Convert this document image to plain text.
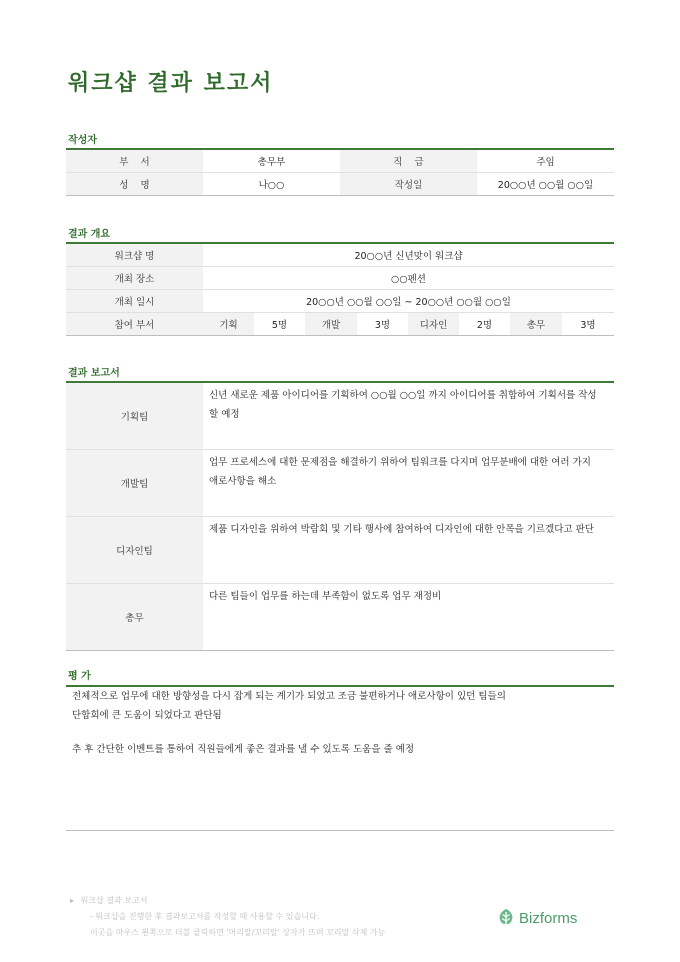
워크샵 결과 보고서
작성자
부    서	총무부	직    급	주임
성    명	나○○	작성일	20○○년 ○○월 ○○일
결과 개요
워크샵 명	20○○년 신년맞이 워크샵							
개최 장소	○○펜션							
개최 일시	20○○년 ○○월 ○○일 ~ 20○○년 ○○월 ○○일							
참여 부서	기획	5명	개발	3명	디자인	2명	총무	3명
결과 보고서
기획팀	신년 새로운 제품 아이디어를 기획하여 ○○월 ○○일 까지 아이디어를 취합하여 기획서를 작성 할 예정
개발팀	업무 프로세스에 대한 문제점을 해결하기 위하여 팀워크를 다지며 업무분배에 대한 여러 가지 애로사항을 해소
디자인팀	제품 디자인을 위하여 박람회 및 기타 행사에 참여하여 디자인에 대한 안목을 기르겠다고 판단
총무	다른 팀들이 업무를 하는데 부족함이 없도록 업무 재정비
평 가
전체적으로 업무에 대한 방향성을 다시 잡게 되는 계기가 되었고 조금 불편하거나 애로사항이 있던 팀들의
단합회에 큰 도움이 되었다고 판단됨
추 후 간단한 이벤트를 통하여 직원들에게 좋은 결과를 낼 수 있도록 도움을 줄 예정
▸ 워크샵 결과 보고서
- 워크샵을 진행한 후 결과보고서를 작성할 때 사용할 수 있습니다.
이곳을 마우스 왼쪽으로 더블 클릭하면 '머리말/꼬리말' 상자가 뜨며 꼬리말 삭제 가능
Bizforms
